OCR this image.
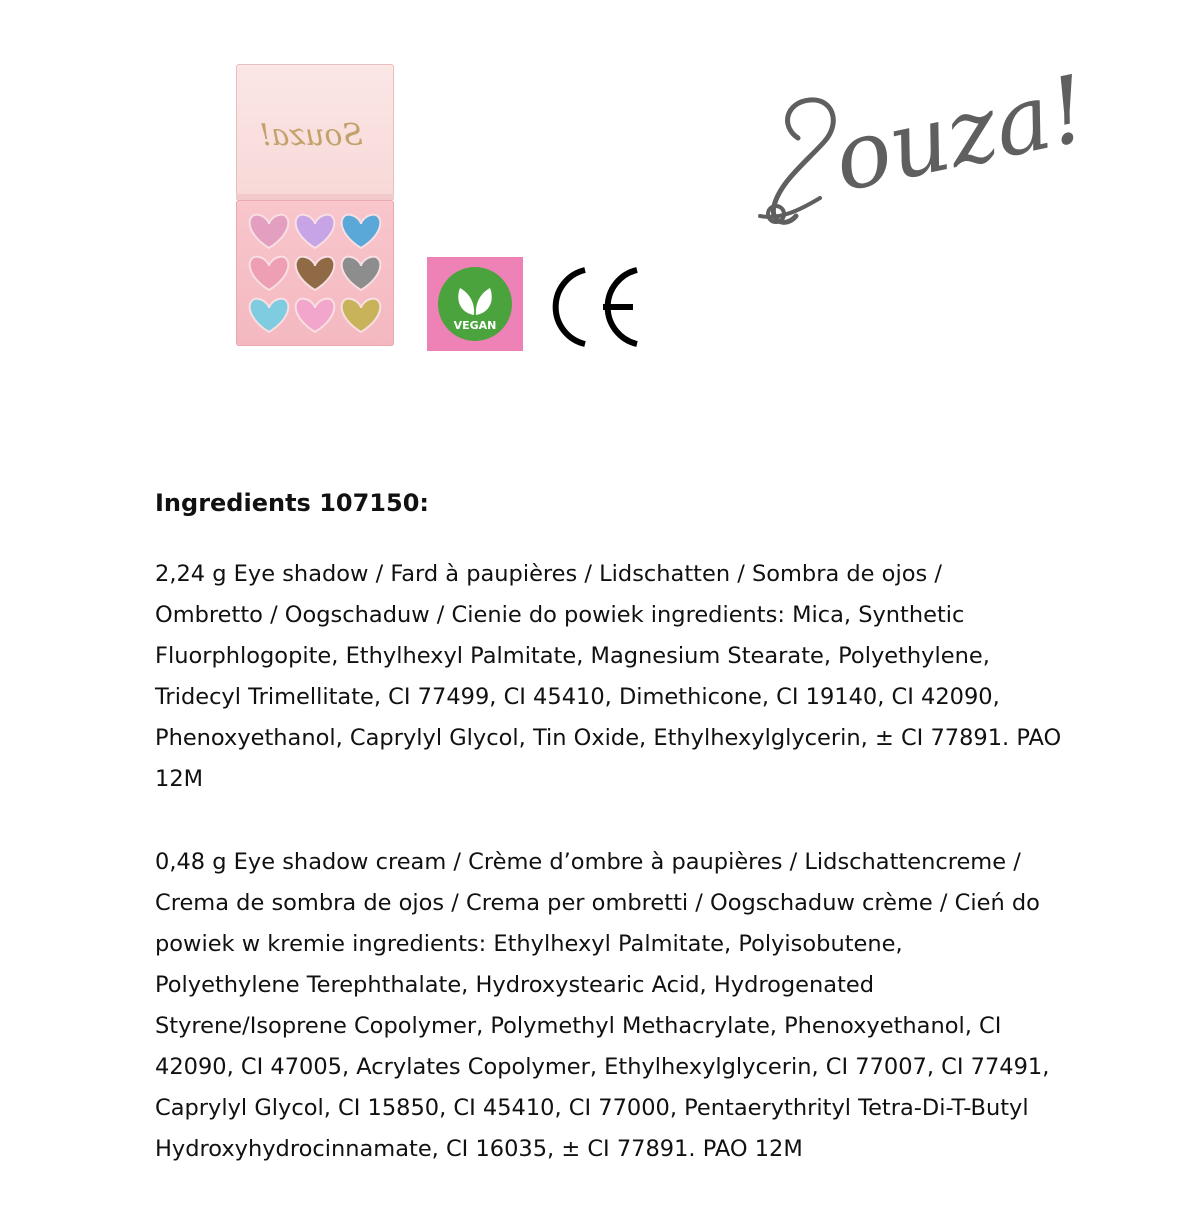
Souza!
VEGAN
ouza!
Ingredients 107150:

2,24 g Eye shadow / Fard à paupières / Lidschatten / Sombra de ojos /
Ombretto / Oogschaduw / Cienie do powiek ingredients: Mica, Synthetic
Fluorphlogopite, Ethylhexyl Palmitate, Magnesium Stearate, Polyethylene,
Tridecyl Trimellitate, CI 77499, CI 45410, Dimethicone, CI 19140, CI 42090,
Phenoxyethanol, Caprylyl Glycol, Tin Oxide, Ethylhexylglycerin, ± CI 77891. PAO
12M

0,48 g Eye shadow cream / Crème d’ombre à paupières / Lidschattencreme /
Crema de sombra de ojos / Crema per ombretti / Oogschaduw crème / Cień do
powiek w kremie ingredients: Ethylhexyl Palmitate, Polyisobutene,
Polyethylene Terephthalate, Hydroxystearic Acid, Hydrogenated
Styrene/Isoprene Copolymer, Polymethyl Methacrylate, Phenoxyethanol, CI
42090, CI 47005, Acrylates Copolymer, Ethylhexylglycerin, CI 77007, CI 77491,
Caprylyl Glycol, CI 15850, CI 45410, CI 77000, Pentaerythrityl Tetra-Di-T-Butyl
Hydroxyhydrocinnamate, CI 16035, ± CI 77891. PAO 12M
